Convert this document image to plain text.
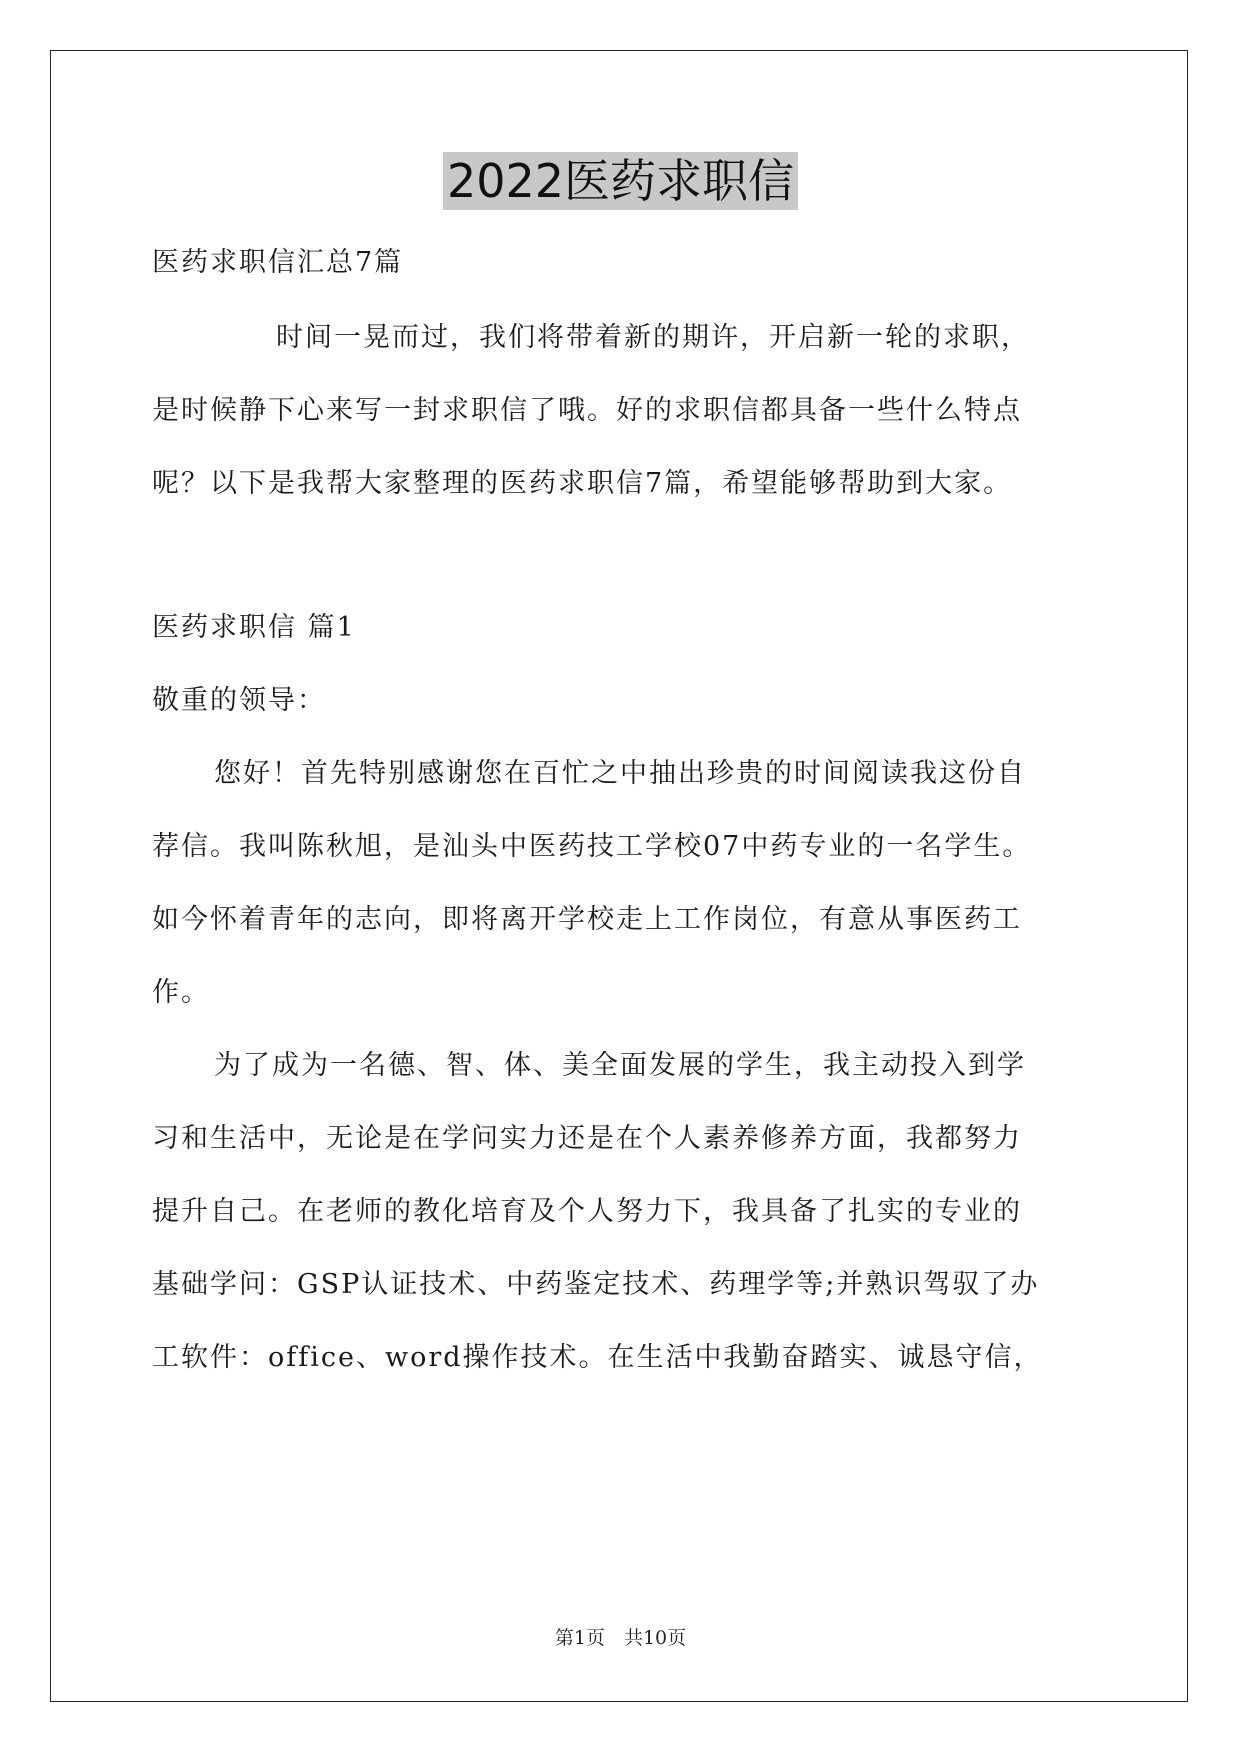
2022医药求职信
医药求职信汇总7篇
时间一晃而过，我们将带着新的期许，开启新一轮的求职，
是时候静下心来写一封求职信了哦。好的求职信都具备一些什么特点
呢？以下是我帮大家整理的医药求职信7篇，希望能够帮助到大家。
医药求职信 篇1
敬重的领导：
您好！首先特别感谢您在百忙之中抽出珍贵的时间阅读我这份自
荐信。我叫陈秋旭，是汕头中医药技工学校07中药专业的一名学生。
如今怀着青年的志向，即将离开学校走上工作岗位，有意从事医药工
作。
为了成为一名德、智、体、美全面发展的学生，我主动投入到学
习和生活中，无论是在学问实力还是在个人素养修养方面，我都努力
提升自己。在老师的教化培育及个人努力下，我具备了扎实的专业的
基础学问：GSP认证技术、中药鉴定技术、药理学等;并熟识驾驭了办
工软件：office、word操作技术。在生活中我勤奋踏实、诚恳守信，
第1页　共10页
